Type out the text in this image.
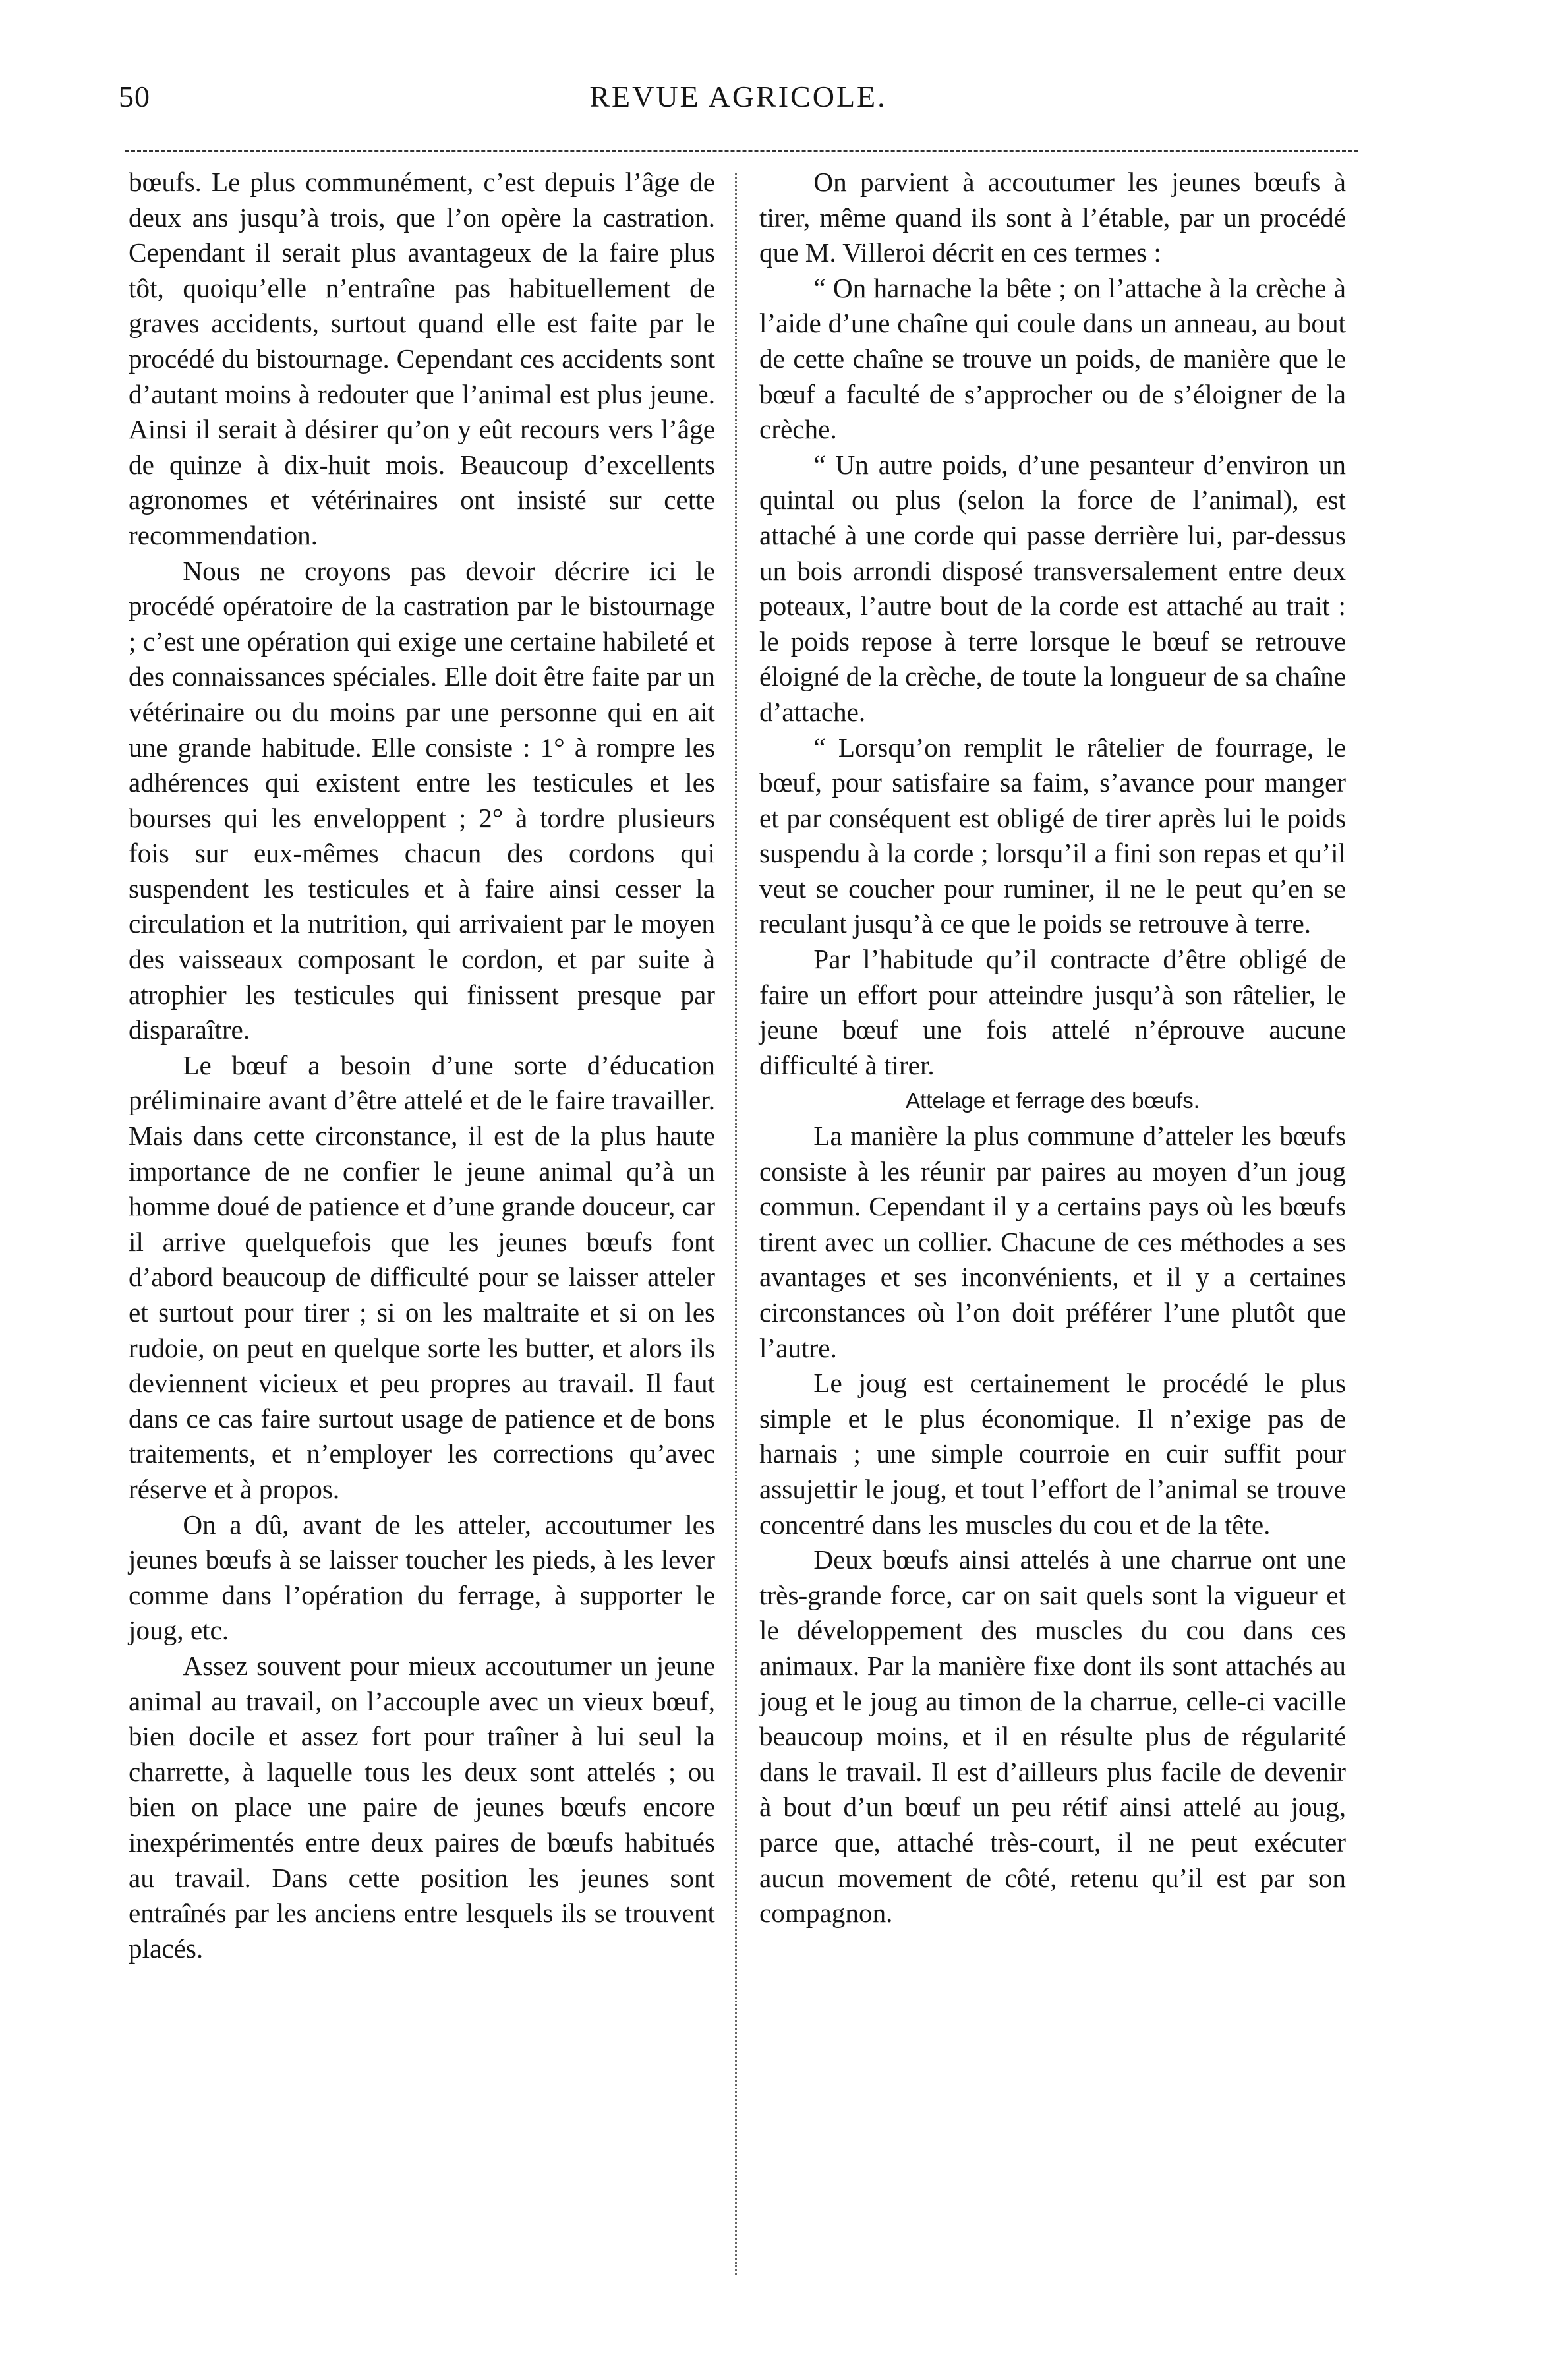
50	REVUE AGRICOLE.

bœufs. Le plus communément, c’est depuis l’âge de deux ans jusqu’à trois, que l’on opère la castration. Cependant il serait plus avantageux de la faire plus tôt, quoiqu’elle n’entraîne pas habituellement de graves accidents, surtout quand elle est faite par le procédé du bistournage. Cependant ces accidents sont d’autant moins à redouter que l’animal est plus jeune. Ainsi il serait à désirer qu’on y eût recours vers l’âge de quinze à dix-huit mois. Beaucoup d’excellents agronomes et vétérinaires ont insisté sur cette recommendation.

Nous ne croyons pas devoir décrire ici le procédé opératoire de la castration par le bistournage ; c’est une opération qui exige une certaine habileté et des connaissances spéciales. Elle doit être faite par un vétérinaire ou du moins par une personne qui en ait une grande habitude. Elle consiste : 1° à rompre les adhérences qui existent entre les testicules et les bourses qui les enveloppent ; 2° à tordre plusieurs fois sur eux-mêmes chacun des cordons qui suspendent les testicules et à faire ainsi cesser la circulation et la nutrition, qui arrivaient par le moyen des vaisseaux composant le cordon, et par suite à atrophier les testicules qui finissent presque par disparaître.

Le bœuf a besoin d’une sorte d’éducation préliminaire avant d’être attelé et de le faire travailler. Mais dans cette circonstance, il est de la plus haute importance de ne confier le jeune animal qu’à un homme doué de patience et d’une grande douceur, car il arrive quelquefois que les jeunes bœufs font d’abord beaucoup de difficulté pour se laisser atteler et surtout pour tirer ; si on les maltraite et si on les rudoie, on peut en quelque sorte les butter, et alors ils deviennent vicieux et peu propres au travail. Il faut dans ce cas faire surtout usage de patience et de bons traitements, et n’employer les corrections qu’avec réserve et à propos.

On a dû, avant de les atteler, accoutumer les jeunes bœufs à se laisser toucher les pieds, à les lever comme dans l’opération du ferrage, à supporter le joug, etc.

Assez souvent pour mieux accoutumer un jeune animal au travail, on l’accouple avec un vieux bœuf, bien docile et assez fort pour traîner à lui seul la charrette, à laquelle tous les deux sont attelés ; ou bien on place une paire de jeunes bœufs encore inexpérimentés entre deux paires de bœufs habitués au travail. Dans cette position les jeunes sont entraînés par les anciens entre lesquels ils se trouvent placés.

On parvient à accoutumer les jeunes bœufs à tirer, même quand ils sont à l’étable, par un procédé que M. Villeroi décrit en ces termes :

“ On harnache la bête ; on l’attache à la crèche à l’aide d’une chaîne qui coule dans un anneau, au bout de cette chaîne se trouve un poids, de manière que le bœuf a faculté de s’approcher ou de s’éloigner de la crèche.

“ Un autre poids, d’une pesanteur d’environ un quintal ou plus (selon la force de l’animal), est attaché à une corde qui passe derrière lui, par-dessus un bois arrondi disposé transversalement entre deux poteaux, l’autre bout de la corde est attaché au trait : le poids repose à terre lorsque le bœuf se retrouve éloigné de la crèche, de toute la longueur de sa chaîne d’attache.

“ Lorsqu’on remplit le râtelier de fourrage, le bœuf, pour satisfaire sa faim, s’avance pour manger et par conséquent est obligé de tirer après lui le poids suspendu à la corde ; lorsqu’il a fini son repas et qu’il veut se coucher pour ruminer, il ne le peut qu’en se reculant jusqu’à ce que le poids se retrouve à terre.

Par l’habitude qu’il contracte d’être obligé de faire un effort pour atteindre jusqu’à son râtelier, le jeune bœuf une fois attelé n’éprouve aucune difficulté à tirer.

Attelage et ferrage des bœufs.

La manière la plus commune d’atteler les bœufs consiste à les réunir par paires au moyen d’un joug commun. Cependant il y a certains pays où les bœufs tirent avec un collier. Chacune de ces méthodes a ses avantages et ses inconvénients, et il y a certaines circonstances où l’on doit préférer l’une plutôt que l’autre.

Le joug est certainement le procédé le plus simple et le plus économique. Il n’exige pas de harnais ; une simple courroie en cuir suffit pour assujettir le joug, et tout l’effort de l’animal se trouve concentré dans les muscles du cou et de la tête.

Deux bœufs ainsi attelés à une charrue ont une très-grande force, car on sait quels sont la vigueur et le développement des muscles du cou dans ces animaux. Par la manière fixe dont ils sont attachés au joug et le joug au timon de la charrue, celle-ci vacille beaucoup moins, et il en résulte plus de régularité dans le travail. Il est d’ailleurs plus facile de devenir à bout d’un bœuf un peu rétif ainsi attelé au joug, parce que, attaché très-court, il ne peut exécuter aucun movement de côté, retenu qu’il est par son compagnon.
